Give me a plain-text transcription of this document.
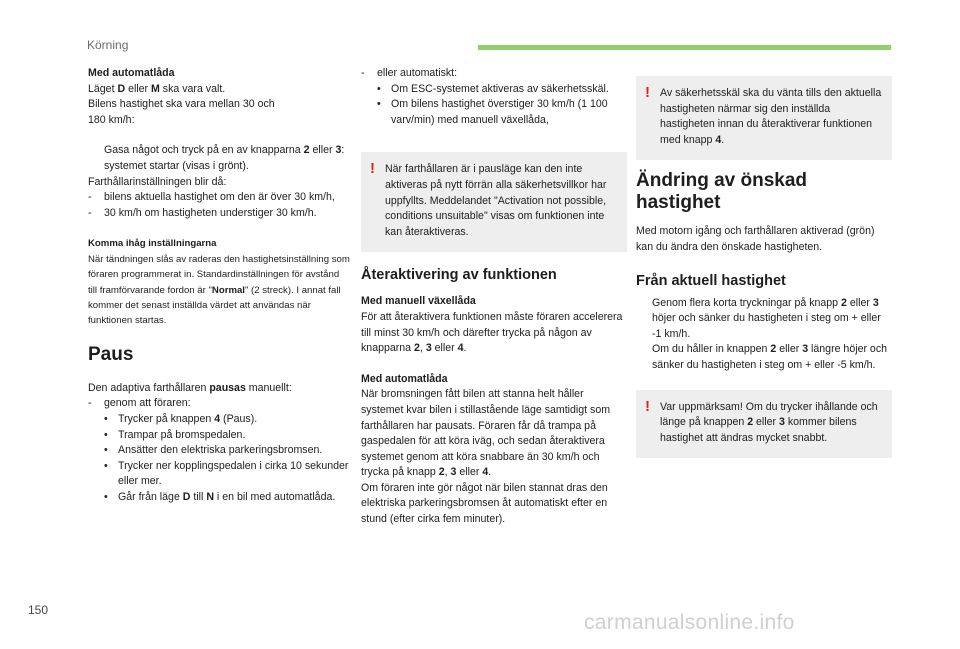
Körning
150
carmanualsonline.info

Med automatlåda

Läget D eller M ska vara valt.

Bilens hastighet ska vara mellan 30 och

180 km/h:

Gasa något och tryck på en av knapparna 2 eller 3: systemet startar (visas i grönt).

Farthållarinställningen blir då:

-	bilens aktuella hastighet om den är över 30 km/h,
-	30 km/h om hastigheten understiger 30 km/h.

Komma ihåg inställningarna

När tändningen slås av raderas den hastighetsinställning som föraren programmerat in. Standardinställningen för avstånd till framförvarande fordon är "Normal" (2 streck). I annat fall kommer det senast inställda värdet att användas när funktionen startas.

Paus

Den adaptiva farthållaren pausas manuellt:

-	genom att föraren:
• Trycker på knappen 4 (Paus).
• Trampar på bromspedalen.
• Ansätter den elektriska parkeringsbromsen.
• Trycker ner kopplingspedalen i cirka 10 sekunder eller mer.
• Går från läge D till N i en bil med automatlåda.
-	eller automatiskt:
• Om ESC-systemet aktiveras av säkerhetsskäl.
• Om bilens hastighet överstiger 30 km/h (1 100 varv/min) med manuell växellåda,
! När farthållaren är i pausläge kan den inte aktiveras på nytt förrän alla säkerhetsvillkor har uppfyllts. Meddelandet "Activation not possible, conditions unsuitable" visas om funktionen inte kan återaktiveras.

Återaktivering av funktionen

Med manuell växellåda

För att återaktivera funktionen måste föraren accelerera till minst 30 km/h och därefter trycka på någon av knapparna 2, 3 eller 4.

Med automatlåda

När bromsningen fått bilen att stanna helt håller systemet kvar bilen i stillastående läge samtidigt som farthållaren har pausats. Föraren får då trampa på gaspedalen för att köra iväg, och sedan återaktivera systemet genom att köra snabbare än 30 km/h och trycka på knapp 2, 3 eller 4.

Om föraren inte gör något när bilen stannat dras den elektriska parkeringsbromsen åt automatiskt efter en stund (efter cirka fem minuter).

! Av säkerhetsskäl ska du vänta tills den aktuella hastigheten närmar sig den inställda hastigheten innan du återaktiverar funktionen med knapp 4.

Ändring av önskad hastighet

Med motorn igång och farthållaren aktiverad (grön) kan du ändra den önskade hastigheten.

Från aktuell hastighet

Genom flera korta tryckningar på knapp 2 eller 3 höjer och sänker du hastigheten i steg om + eller -1 km/h.
Om du håller in knappen 2 eller 3 längre höjer och sänker du hastigheten i steg om + eller -5 km/h.
! Var uppmärksam! Om du trycker ihållande och länge på knappen 2 eller 3 kommer bilens hastighet att ändras mycket snabbt.
